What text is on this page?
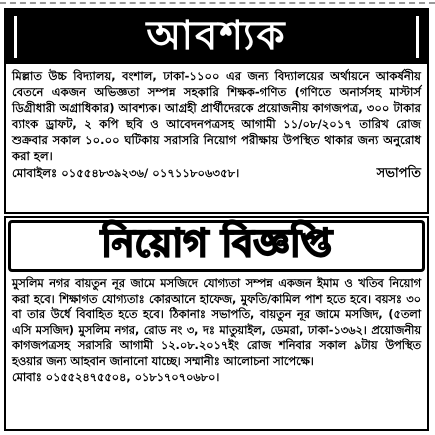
আবশ্যক
মিল্লাত উচ্চ বিদ্যালয়, বংশাল, ঢাকা-১১০০ এর জন্য বিদ্যালয়ের অর্থায়নে আকর্ষনীয় বেতনে একজন অভিজ্ঞতা সম্পন্ন সহকারি শিক্ষক-গণিত (গণিতে অনার্সসহ মাস্টার্স ডিগ্রীধারী অগ্রাধিকার) আবশ্যক। আগ্রহী প্রার্থীদেরকে প্রয়োজনীয় কাগজপত্র, ৩০০ টাকার ব্যাংক ড্রাফট, ২ কপি ছবি ও আবেদনপত্রসহ আগামী ১১/০৮/২০১৭ তারিখ রোজ শুক্রবার সকাল ১০.০০ ঘটিকায় সরাসরি নিয়োগ পরীক্ষায় উপস্থিত থাকার জন্য অনুরোধ করা হল।
মোবাইলঃ ০১৫৫৪৮৩৯২৩৬/ ০১৭১১৮০৬৩৫৮।	সভাপতি
নিয়োগ বিজ্ঞপ্তি
মুসলিম নগর বায়তুন নূর জামে মসজিদে যোগ্যতা সম্পন্ন একজন ইমাম ও খতিব নিয়োগ করা হবে। শিক্ষাগত যোগ্যতাঃ কোরআনে হাফেজ, মুফতি/কামিল পাশ হতে হবে। বয়সঃ ৩০ বা তার উর্ধে বিবাহিত হতে হবে। ঠিকানাঃ সভাপতি, বায়তুন নূর জামে মসজিদ, (৫তলা এসি মসজিদ) মুসলিম নগর, রোড নং ৩, দঃ মাতুয়াইল, ডেমরা, ঢাকা-১৩৬২। প্রয়োজনীয় কাগজপত্রসহ সরাসরি আগামী ১২.০৮.২০১৭ইং রোজ শনিবার সকাল ৯টায় উপস্থিত হওয়ার জন্য আহবান জানানো যাচ্ছে। সম্মানীঃ আলোচনা সাপেক্ষে।
মোবাঃ ০১৫৫২৪৭৫৫০৪, ০১৮১৭০৭০৬৮০।
